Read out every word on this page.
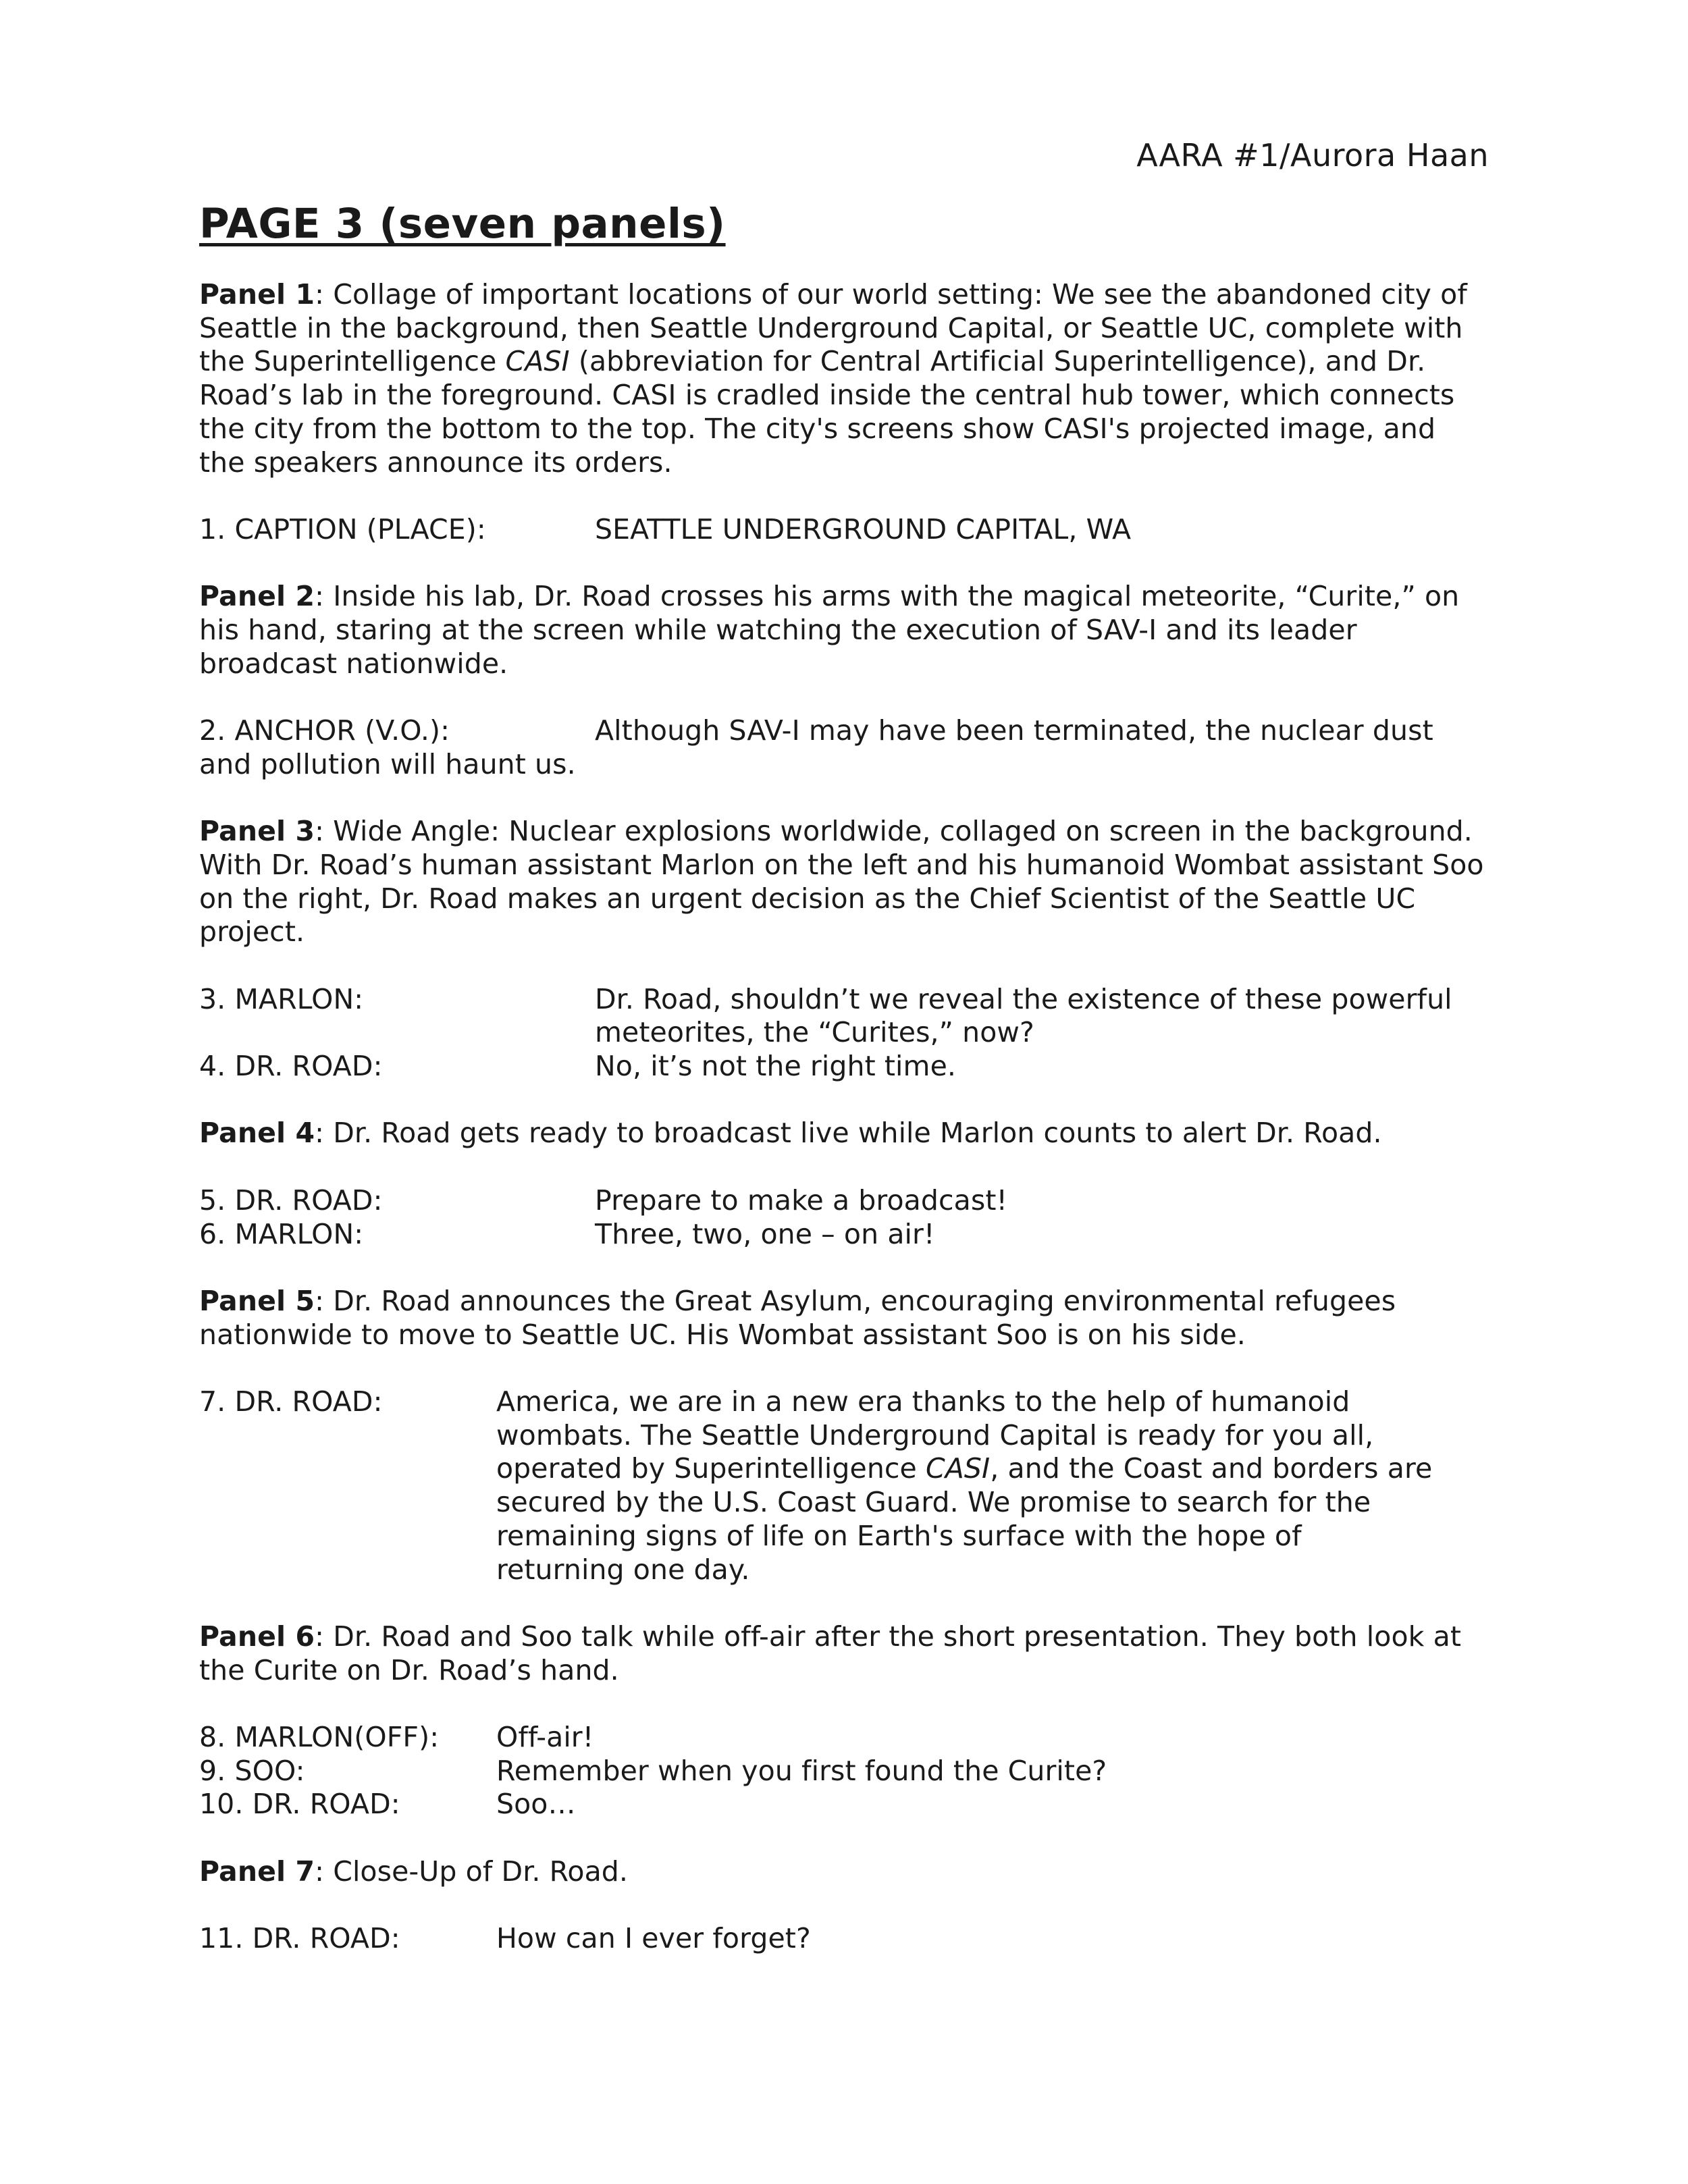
AARA #1/Aurora Haan
PAGE 3 (seven panels)

Panel 1: Collage of important locations of our world setting: We see the abandoned city of Seattle in the background, then Seattle Underground Capital, or Seattle UC, complete with the Superintelligence CASI (abbreviation for Central Artificial Superintelligence), and Dr. Road’s lab in the foreground. CASI is cradled inside the central hub tower, which connects the city from the bottom to the top. The city's screens show CASI's projected image, and the speakers announce its orders.

1. CAPTION (PLACE):	SEATTLE UNDERGROUND CAPITAL, WA

Panel 2: Inside his lab, Dr. Road crosses his arms with the magical meteorite, “Curite,” on his hand, staring at the screen while watching the execution of SAV-I and its leader broadcast nationwide.

2. ANCHOR (V.O.):	Although SAV-I may have been terminated, the nuclear dust and pollution will haunt us.

Panel 3: Wide Angle: Nuclear explosions worldwide, collaged on screen in the background. With Dr. Road’s human assistant Marlon on the left and his humanoid Wombat assistant Soo on the right, Dr. Road makes an urgent decision as the Chief Scientist of the Seattle UC project.

3. MARLON:	Dr. Road, shouldn’t we reveal the existence of these powerful meteorites, the “Curites,” now?
4. DR. ROAD:	No, it’s not the right time.

Panel 4: Dr. Road gets ready to broadcast live while Marlon counts to alert Dr. Road.

5. DR. ROAD:	Prepare to make a broadcast!
6. MARLON:	Three, two, one – on air!

Panel 5: Dr. Road announces the Great Asylum, encouraging environmental refugees nationwide to move to Seattle UC. His Wombat assistant Soo is on his side.

7. DR. ROAD:	America, we are in a new era thanks to the help of humanoid wombats. The Seattle Underground Capital is ready for you all, operated by Superintelligence CASI, and the Coast and borders are secured by the U.S. Coast Guard. We promise to search for the remaining signs of life on Earth's surface with the hope of returning one day.

Panel 6: Dr. Road and Soo talk while off-air after the short presentation. They both look at the Curite on Dr. Road’s hand.

8. MARLON(OFF): Off-air!
9. SOO:	Remember when you first found the Curite?
10. DR. ROAD:	Soo…

Panel 7: Close-Up of Dr. Road.

11. DR. ROAD:	How can I ever forget?
